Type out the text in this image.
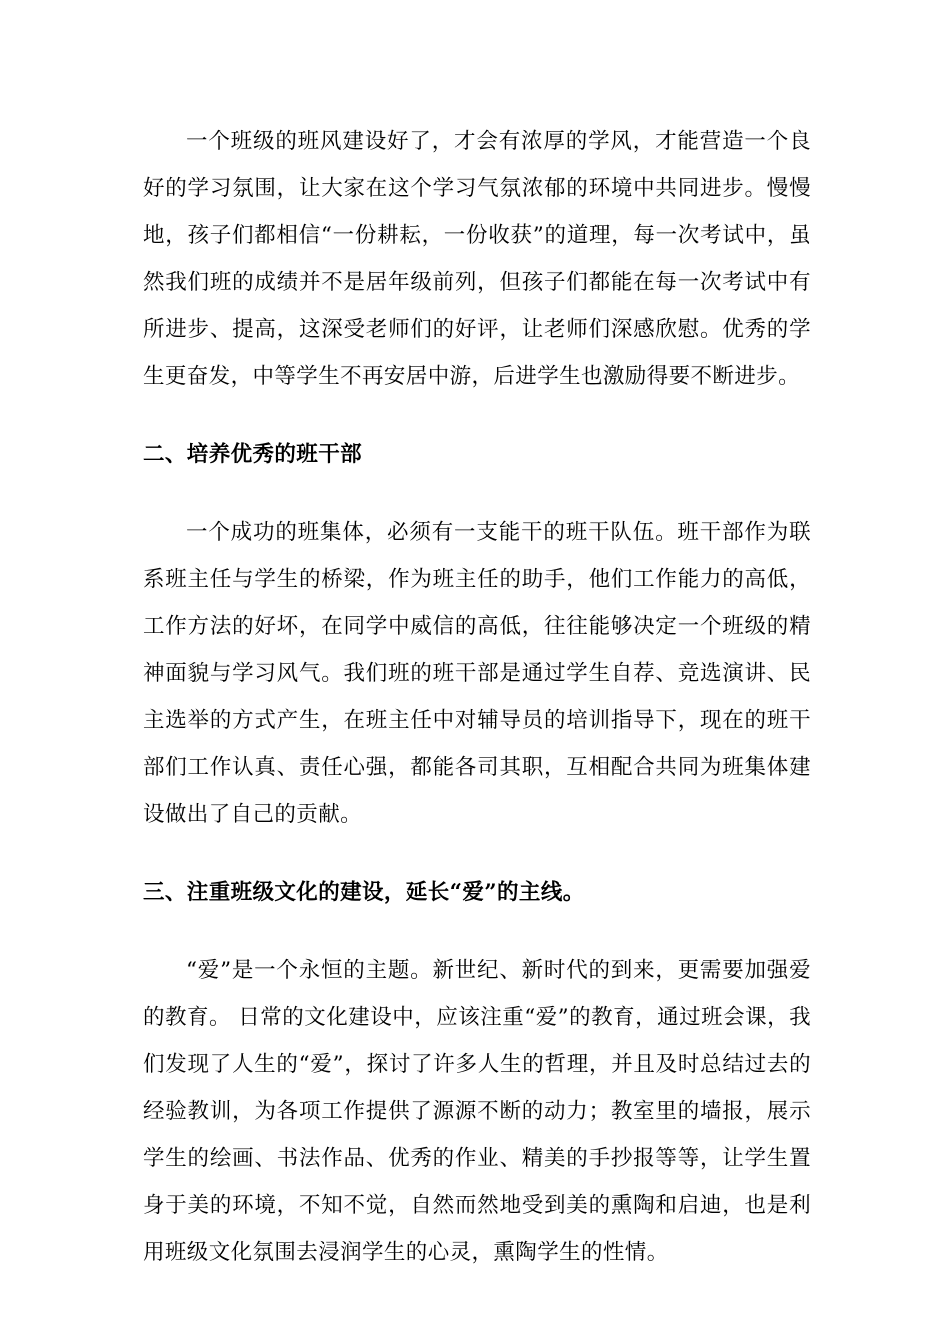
一个班级的班风建设好了，才会有浓厚的学风，才能营造一个良好的学习氛围，让大家在这个学习气氛浓郁的环境中共同进步。慢慢地，孩子们都相信“一份耕耘，一份收获”的道理，每一次考试中，虽然我们班的成绩并不是居年级前列，但孩子们都能在每一次考试中有所进步、提高，这深受老师们的好评，让老师们深感欣慰。优秀的学生更奋发，中等学生不再安居中游，后进学生也激励得要不断进步。

二、培养优秀的班干部

一个成功的班集体，必须有一支能干的班干队伍。班干部作为联系班主任与学生的桥梁，作为班主任的助手，他们工作能力的高低，工作方法的好坏，在同学中威信的高低，往往能够决定一个班级的精神面貌与学习风气。我们班的班干部是通过学生自荐、竞选演讲、民主选举的方式产生，在班主任中对辅导员的培训指导下，现在的班干部们工作认真、责任心强，都能各司其职，互相配合共同为班集体建设做出了自己的贡献。

三、注重班级文化的建设，延长“爱”的主线。

“爱”是一个永恒的主题。新世纪、新时代的到来，更需要加强爱的教育。 日常的文化建设中，应该注重“爱”的教育，通过班会课，我们发现了人生的“爱”，探讨了许多人生的哲理，并且及时总结过去的经验教训，为各项工作提供了源源不断的动力；教室里的墙报，展示学生的绘画、书法作品、优秀的作业、精美的手抄报等等，让学生置身于美的环境，不知不觉，自然而然地受到美的熏陶和启迪，也是利用班级文化氛围去浸润学生的心灵，熏陶学生的性情。
